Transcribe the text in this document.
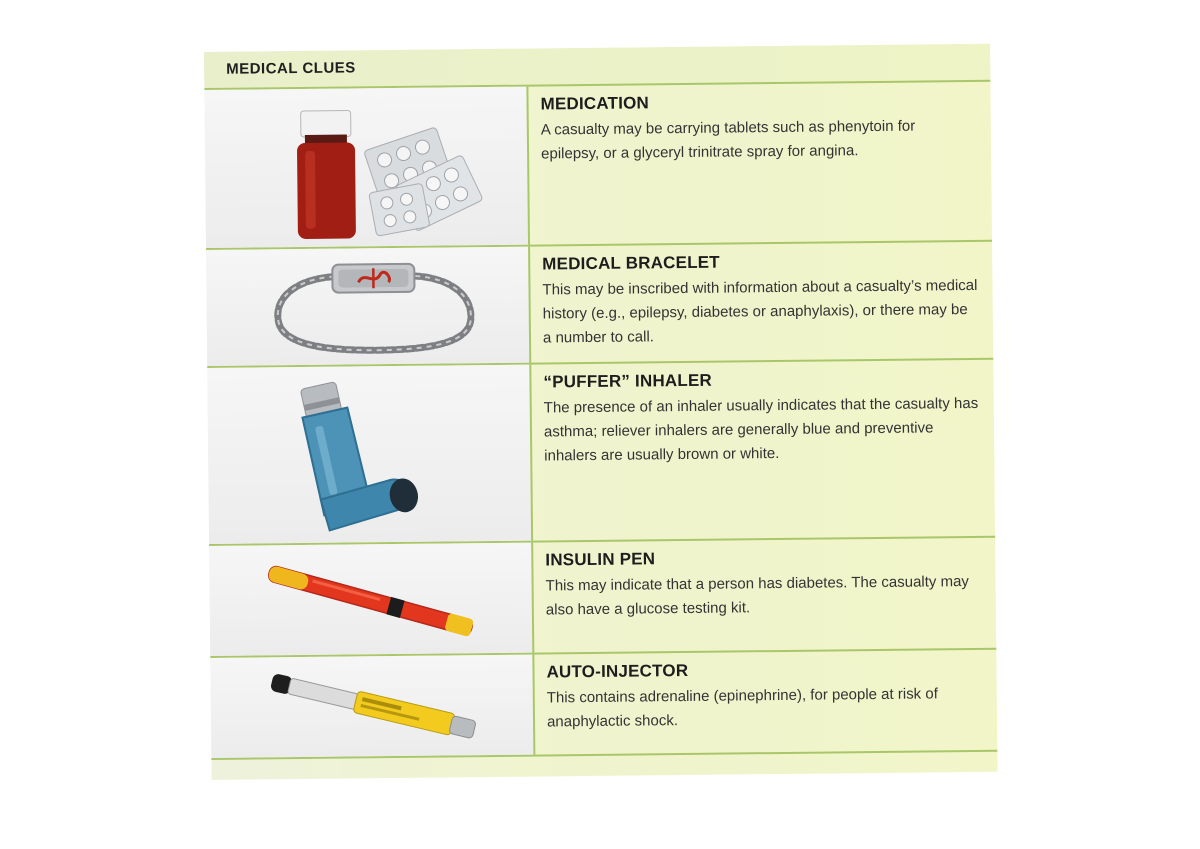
MEDICAL CLUES

MEDICATION

A casualty may be carrying tablets such as phenytoin for epilepsy, or a glyceryl trinitrate spray for angina.

MEDICAL BRACELET

This may be inscribed with information about a casualty’s medical history (e.g., epilepsy, diabetes or anaphylaxis), or there may be a number to call.

“PUFFER” INHALER

The presence of an inhaler usually indicates that the casualty has asthma; reliever inhalers are generally blue and preventive inhalers are usually brown or white.

INSULIN PEN

This may indicate that a person has diabetes. The casualty may also have a glucose testing kit.

AUTO-INJECTOR

This contains adrenaline (epinephrine), for people at risk of anaphylactic shock.
